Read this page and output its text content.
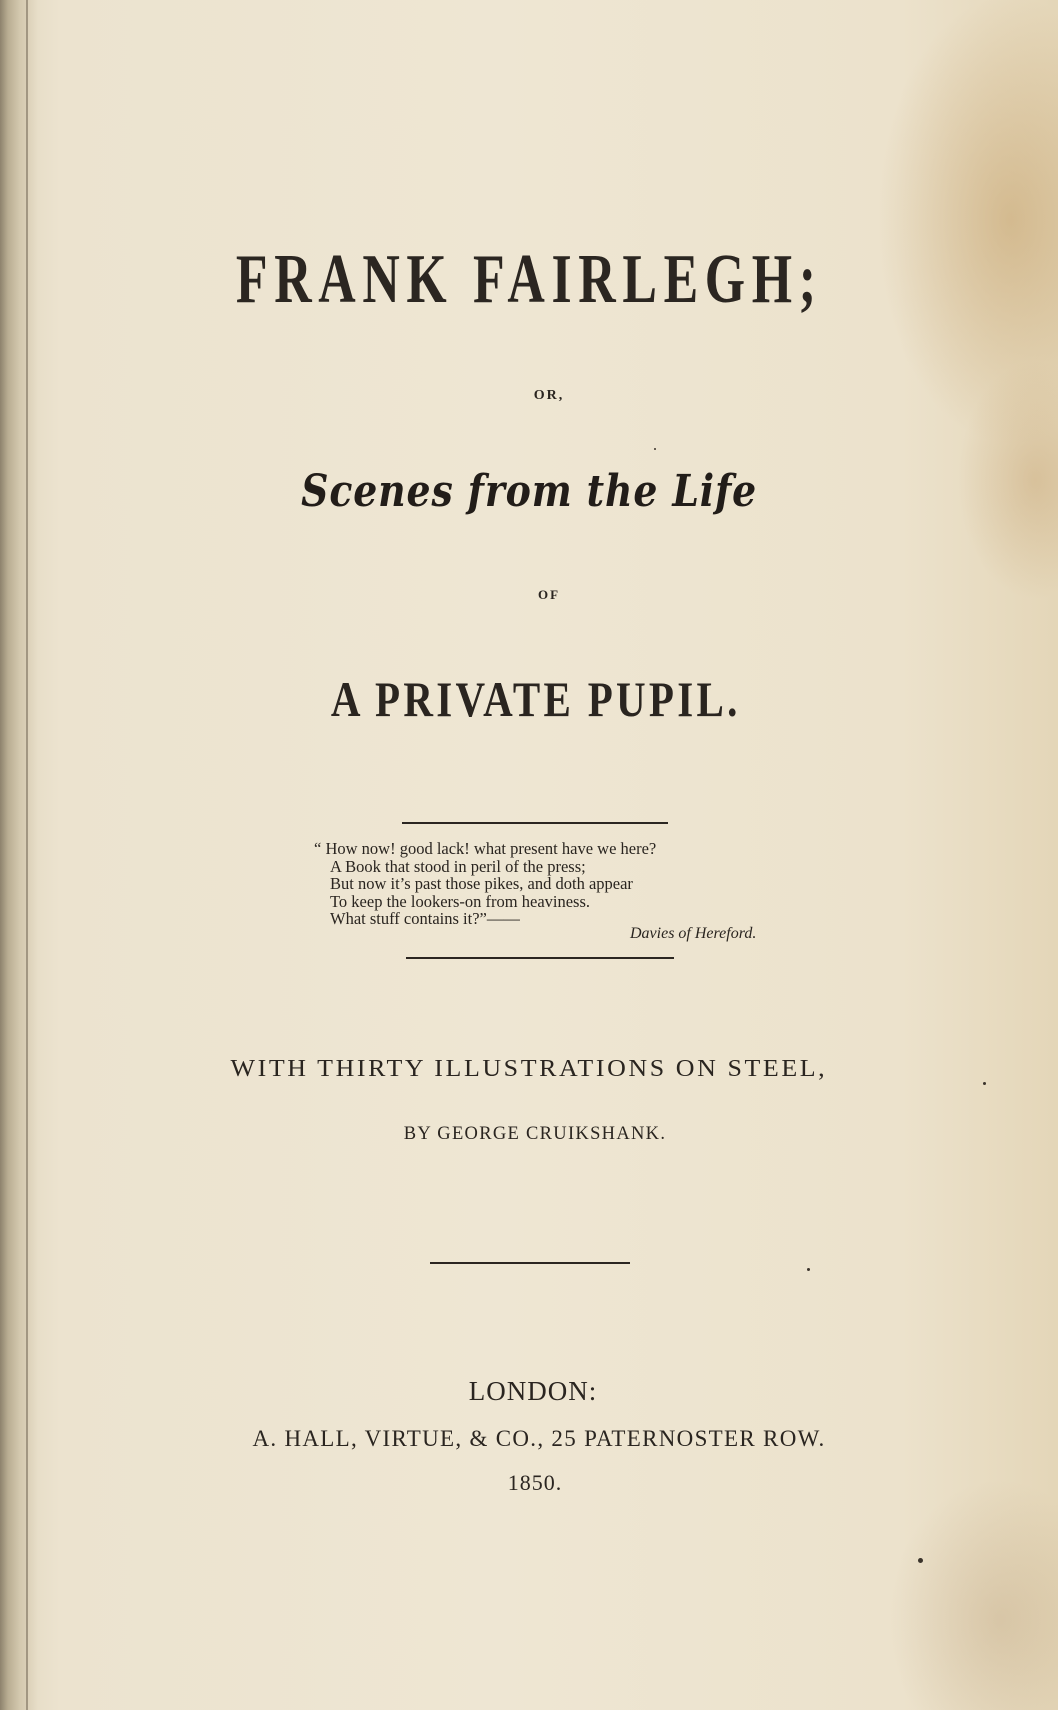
FRANK FAIRLEGH;
OR,
Scenes from the Life
OF
A PRIVATE PUPIL.
“ How now! good lack! what present have we here?
A Book that stood in peril of the press;
But now it’s past those pikes, and doth appear
To keep the lookers-on from heaviness.
What stuff contains it?”——
Davies of Hereford.
WITH THIRTY ILLUSTRATIONS ON STEEL,
BY GEORGE CRUIKSHANK.
LONDON:
A. HALL, VIRTUE, & CO., 25 PATERNOSTER ROW.
1850.
